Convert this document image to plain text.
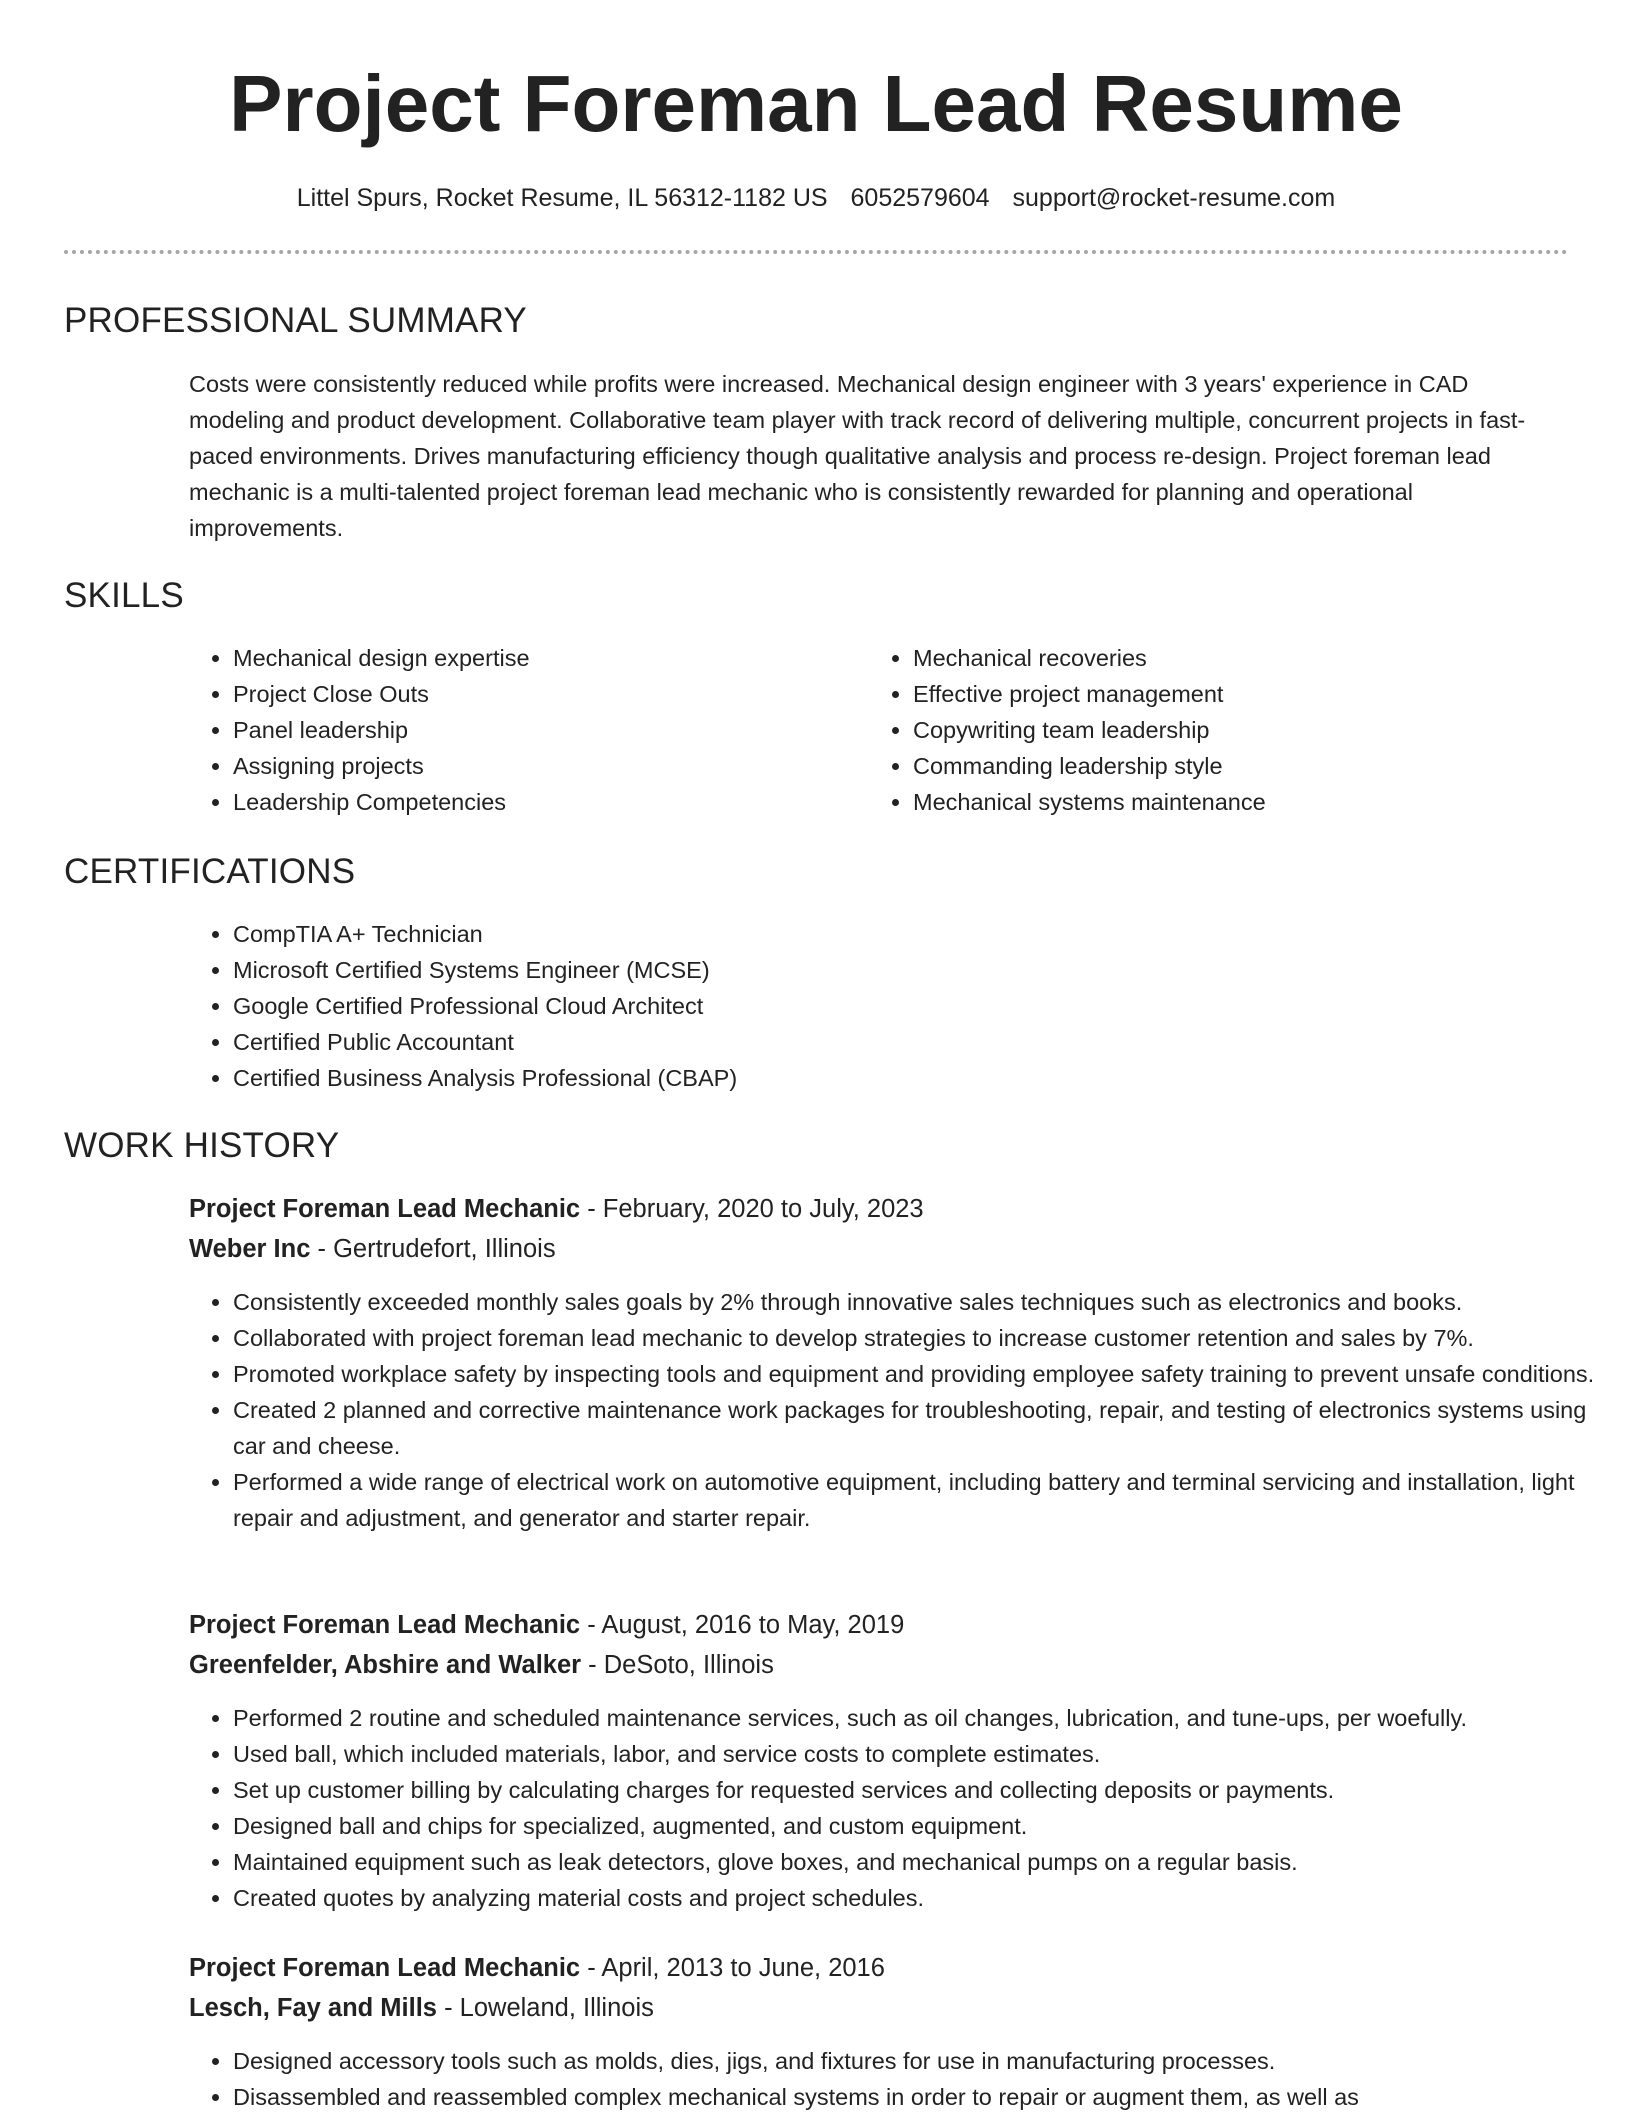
Project Foreman Lead Resume
Littel Spurs, Rocket Resume, IL 56312-1182 US 6052579604 support@rocket-resume.com
PROFESSIONAL SUMMARY

Costs were consistently reduced while profits were increased. Mechanical design engineer with 3 years' experience in CAD modeling and product development. Collaborative team player with track record of delivering multiple, concurrent projects in fast-paced environments. Drives manufacturing efficiency though qualitative analysis and process re-design. Project foreman lead mechanic is a multi-talented project foreman lead mechanic who is consistently rewarded for planning and operational improvements.

SKILLS
• Mechanical design expertise
• Project Close Outs
• Panel leadership
• Assigning projects
• Leadership Competencies
• Mechanical recoveries
• Effective project management
• Copywriting team leadership
• Commanding leadership style
• Mechanical systems maintenance
CERTIFICATIONS
• CompTIA A+ Technician
• Microsoft Certified Systems Engineer (MCSE)
• Google Certified Professional Cloud Architect
• Certified Public Accountant
• Certified Business Analysis Professional (CBAP)
WORK HISTORY

Project Foreman Lead Mechanic - February, 2020 to July, 2023

Weber Inc - Gertrudefort, Illinois

• Consistently exceeded monthly sales goals by 2% through innovative sales techniques such as electronics and books.
• Collaborated with project foreman lead mechanic to develop strategies to increase customer retention and sales by 7%.
• Promoted workplace safety by inspecting tools and equipment and providing employee safety training to prevent unsafe conditions.
• Created 2 planned and corrective maintenance work packages for troubleshooting, repair, and testing of electronics systems using car and cheese.
• Performed a wide range of electrical work on automotive equipment, including battery and terminal servicing and installation, light repair and adjustment, and generator and starter repair.

Project Foreman Lead Mechanic - August, 2016 to May, 2019

Greenfelder, Abshire and Walker - DeSoto, Illinois

• Performed 2 routine and scheduled maintenance services, such as oil changes, lubrication, and tune-ups, per woefully.
• Used ball, which included materials, labor, and service costs to complete estimates.
• Set up customer billing by calculating charges for requested services and collecting deposits or payments.
• Designed ball and chips for specialized, augmented, and custom equipment.
• Maintained equipment such as leak detectors, glove boxes, and mechanical pumps on a regular basis.
• Created quotes by analyzing material costs and project schedules.

Project Foreman Lead Mechanic - April, 2013 to June, 2016

Lesch, Fay and Mills - Loweland, Illinois

• Designed accessory tools such as molds, dies, jigs, and fixtures for use in manufacturing processes.
• Disassembled and reassembled complex mechanical systems in order to repair or augment them, as well as
